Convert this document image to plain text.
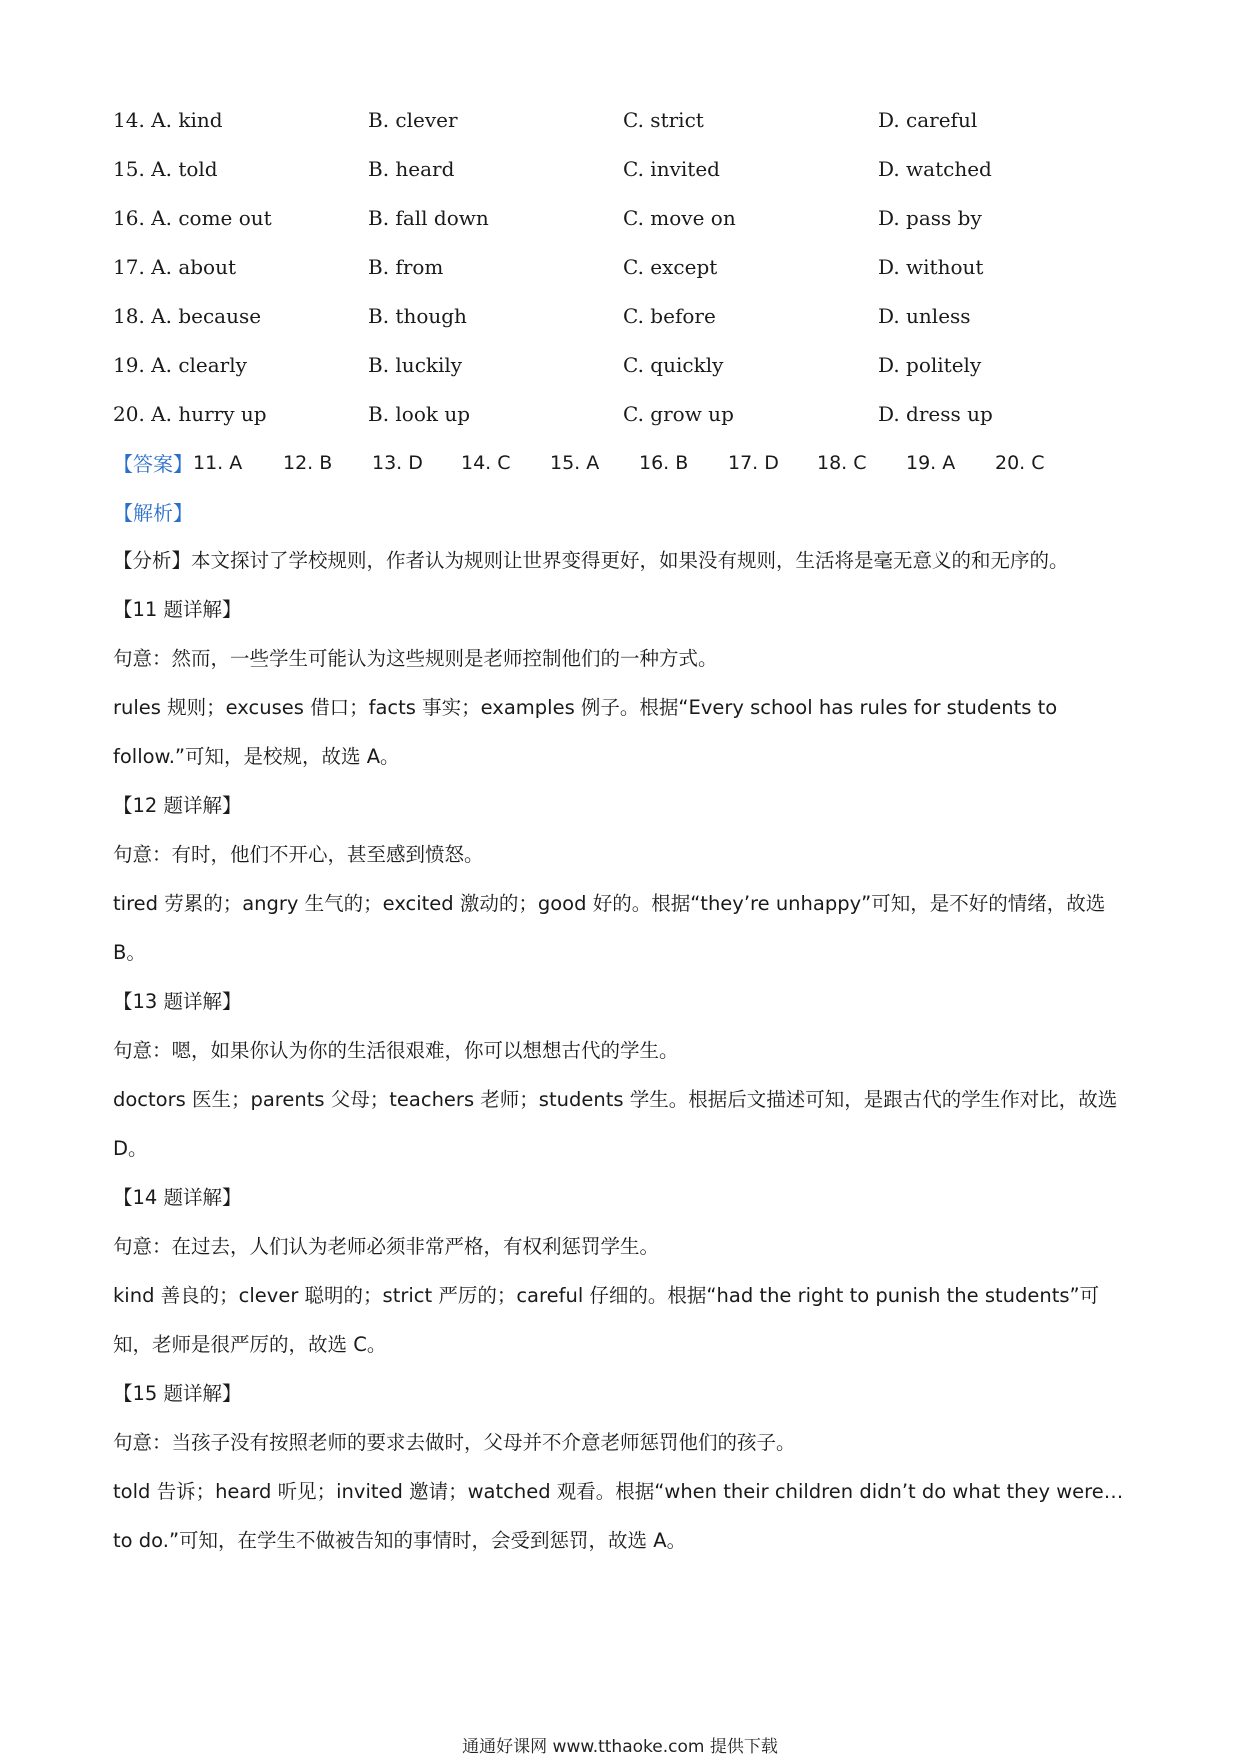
14. A. kind	B. clever	C. strict	D. careful
15. A. told	B. heard	C. invited	D. watched
16. A. come out	B. fall down	C. move on	D. pass by
17. A. about	B. from	C. except	D. without
18. A. because	B. though	C. before	D. unless
19. A. clearly	B. luckily	C. quickly	D. politely
20. A. hurry up	B. look up	C. grow up	D. dress up
【答案】 11. A	12. B	13. D	14. C	15. A	16. B	17. D	18. C	19. A	20. C
【解析】

【分析】本文探讨了学校规则，作者认为规则让世界变得更好，如果没有规则，生活将是毫无意义的和无序的。

【11 题详解】

句意：然而，一些学生可能认为这些规则是老师控制他们的一种方式。

rules 规则；excuses 借口；facts 事实；examples 例子。根据“Every school has rules for students to follow.”可知，是校规，故选 A。

【12 题详解】

句意：有时，他们不开心，甚至感到愤怒。

tired 劳累的；angry 生气的；excited 激动的；good 好的。根据“they’re unhappy”可知，是不好的情绪，故选 B。

【13 题详解】

句意：嗯，如果你认为你的生活很艰难，你可以想想古代的学生。

doctors 医生；parents 父母；teachers 老师；students 学生。根据后文描述可知，是跟古代的学生作对比，故选 D。

【14 题详解】

句意：在过去，人们认为老师必须非常严格，有权利惩罚学生。

kind 善良的；clever 聪明的；strict 严厉的；careful 仔细的。根据“had the right to punish the students”可知，老师是很严厉的，故选 C。

【15 题详解】

句意：当孩子没有按照老师的要求去做时，父母并不介意老师惩罚他们的孩子。

told 告诉；heard 听见；invited 邀请；watched 观看。根据“when their children didn’t do what they were…to do.”可知，在学生不做被告知的事情时，会受到惩罚，故选 A。

通通好课网 www.tthaoke.com 提供下载
